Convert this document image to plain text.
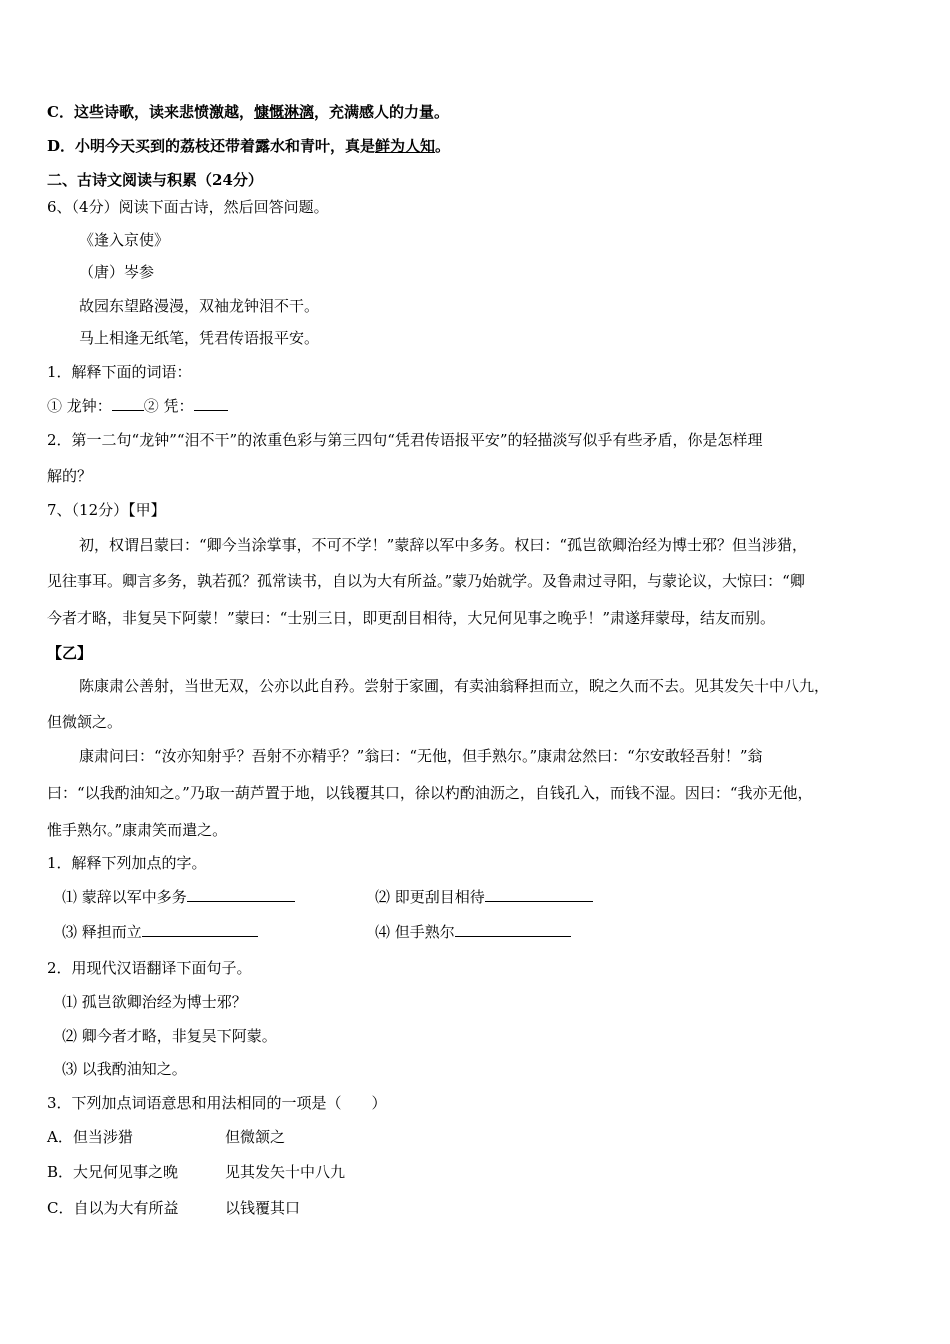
C．这些诗歌，读来悲愤激越，慷慨淋漓，充满感人的力量。
D．小明今天买到的荔枝还带着露水和青叶，真是鲜为人知。
二、古诗文阅读与积累（24分）
6、（4分）阅读下面古诗，然后回答问题。
《逢入京使》
（唐）岑参
故园东望路漫漫，双袖龙钟泪不干。
马上相逢无纸笔，凭君传语报平安。
1．解释下面的词语：
① 龙钟： ② 凭：
2．第一二句“龙钟”“泪不干”的浓重色彩与第三四句“凭君传语报平安”的轻描淡写似乎有些矛盾，你是怎样理
解的？
7、（12分）【甲】
初，权谓吕蒙曰：“卿今当涂掌事，不可不学！”蒙辞以军中多务。权曰：“孤岂欲卿治经为博士邪？但当涉猎，
见往事耳。卿言多务，孰若孤？孤常读书，自以为大有所益。”蒙乃始就学。及鲁肃过寻阳，与蒙论议，大惊曰：“卿
今者才略，非复吴下阿蒙！”蒙曰：“士别三日，即更刮目相待，大兄何见事之晚乎！”肃遂拜蒙母，结友而别。
【乙】
陈康肃公善射，当世无双，公亦以此自矜。尝射于家圃，有卖油翁释担而立，睨之久而不去。见其发矢十中八九，
但微颔之。
康肃问曰：“汝亦知射乎？吾射不亦精乎？”翁曰：“无他，但手熟尔。”康肃忿然曰：“尔安敢轻吾射！”翁
曰：“以我酌油知之。”乃取一葫芦置于地，以钱覆其口，徐以杓酌油沥之，自钱孔入，而钱不湿。因曰：“我亦无他，
惟手熟尔。”康肃笑而遣之。
1．解释下列加点的字。
⑴ 蒙辞以军中多务	⑵ 即更刮目相待
⑶ 释担而立	⑷ 但手熟尔
2．用现代汉语翻译下面句子。
⑴ 孤岂欲卿治经为博士邪？
⑵ 卿今者才略，非复吴下阿蒙。
⑶ 以我酌油知之。
3．下列加点词语意思和用法相同的一项是（　　）
A．但当涉猎	但微颔之
B．大兄何见事之晚	见其发矢十中八九
C．自以为大有所益	以钱覆其口
